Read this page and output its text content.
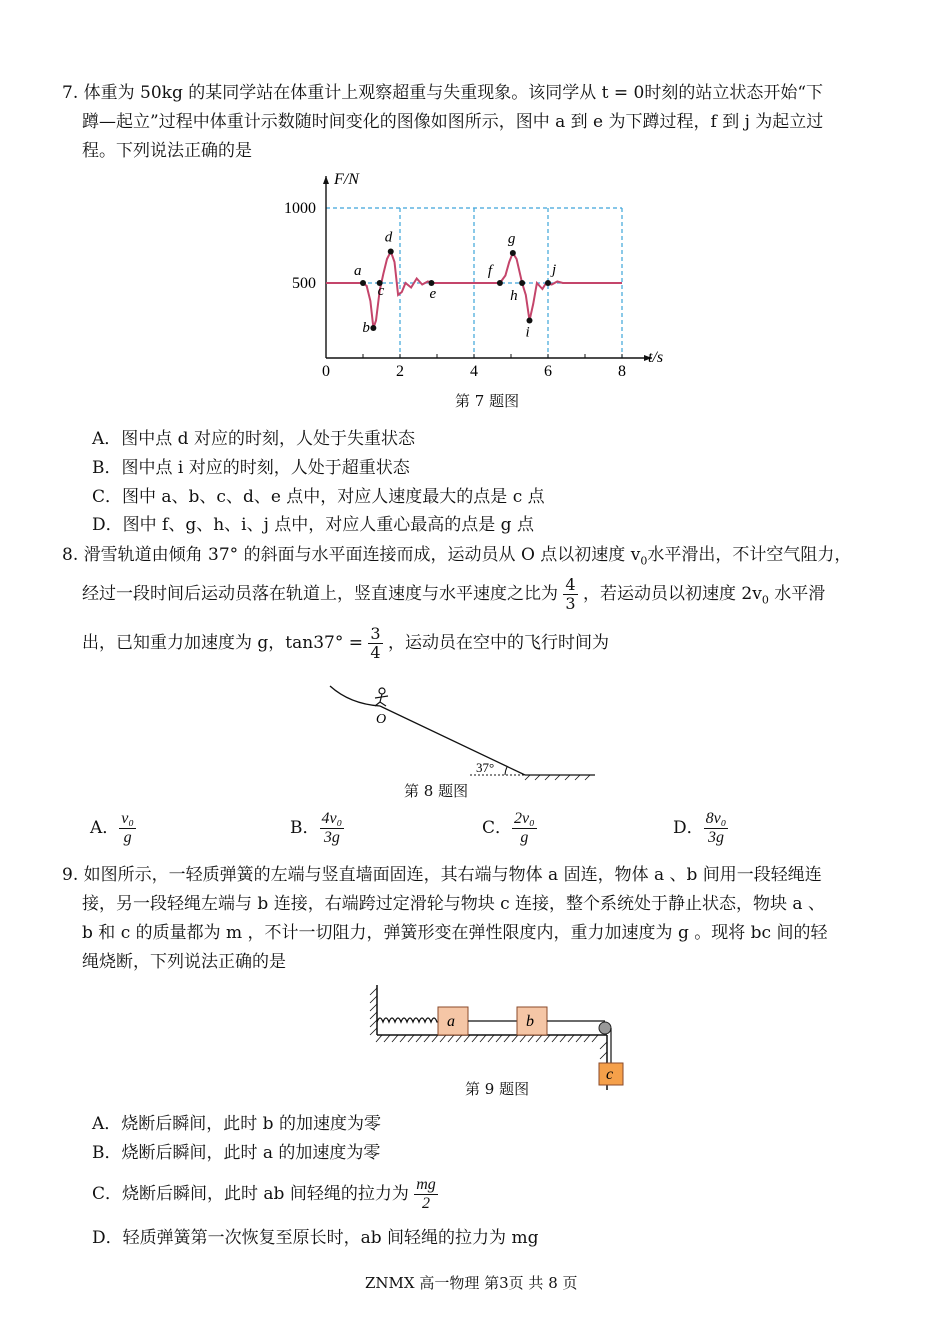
7. 体重为 50kg 的某同学站在体重计上观察超重与失重现象。该同学从 t = 0时刻的站立状态开始“下
蹲—起立”过程中体重计示数随时间变化的图像如图所示，图中 a 到 e 为下蹲过程，f 到 j 为起立过
程。下列说法正确的是
0	2	4	6	8
500
1000
F/N
t/s
a
b
c
d
e
f
g
h
i
j
第 7 题图
A．图中点 d 对应的时刻，人处于失重状态
B．图中点 i 对应的时刻，人处于超重状态
C．图中 a、b、c、d、e 点中，对应人速度最大的点是 c 点
D．图中 f、g、h、i、j 点中，对应人重心最高的点是 g 点
8. 滑雪轨道由倾角 37° 的斜面与水平面连接而成，运动员从 O 点以初速度 $v_0$水平滑出，不计空气阻力，
经过一段时间后运动员落在轨道上，竖直速度与水平速度之比为 $\frac{4}{3}$ ，若运动员以初速度 $2v_0$ 水平滑
出，已知重力加速度为 g，$\tan 37^\circ = \frac{3}{4}$ ，运动员在空中的飞行时间为
O
37°
第 8 题图
A． $\frac{\text{v₀}}{g}$	B． $\frac{\text{4v₀}}{3g}$	C． $\frac{\text{2v₀}}{g}$	D． $\frac{\text{8v₀}}{3g}$
9. 如图所示，一轻质弹簧的左端与竖直墙面固连，其右端与物体 a 固连，物体 a 、b 间用一段轻绳连
接，另一段轻绳左端与 b 连接，右端跨过定滑轮与物块 c 连接，整个系统处于静止状态，物块 a 、
b 和 c 的质量都为 m ，不计一切阻力，弹簧形变在弹性限度内，重力加速度为 g 。现将 bc 间的轻
绳烧断，下列说法正确的是
a	b
c
第 9 题图
A．烧断后瞬间，此时 b 的加速度为零
B．烧断后瞬间，此时 a 的加速度为零
C．烧断后瞬间，此时 ab 间轻绳的拉力为 $\frac{mg}{2}$
D．轻质弹簧第一次恢复至原长时，ab 间轻绳的拉力为 mg
ZNMX 高一物理 第3页 共 8 页
